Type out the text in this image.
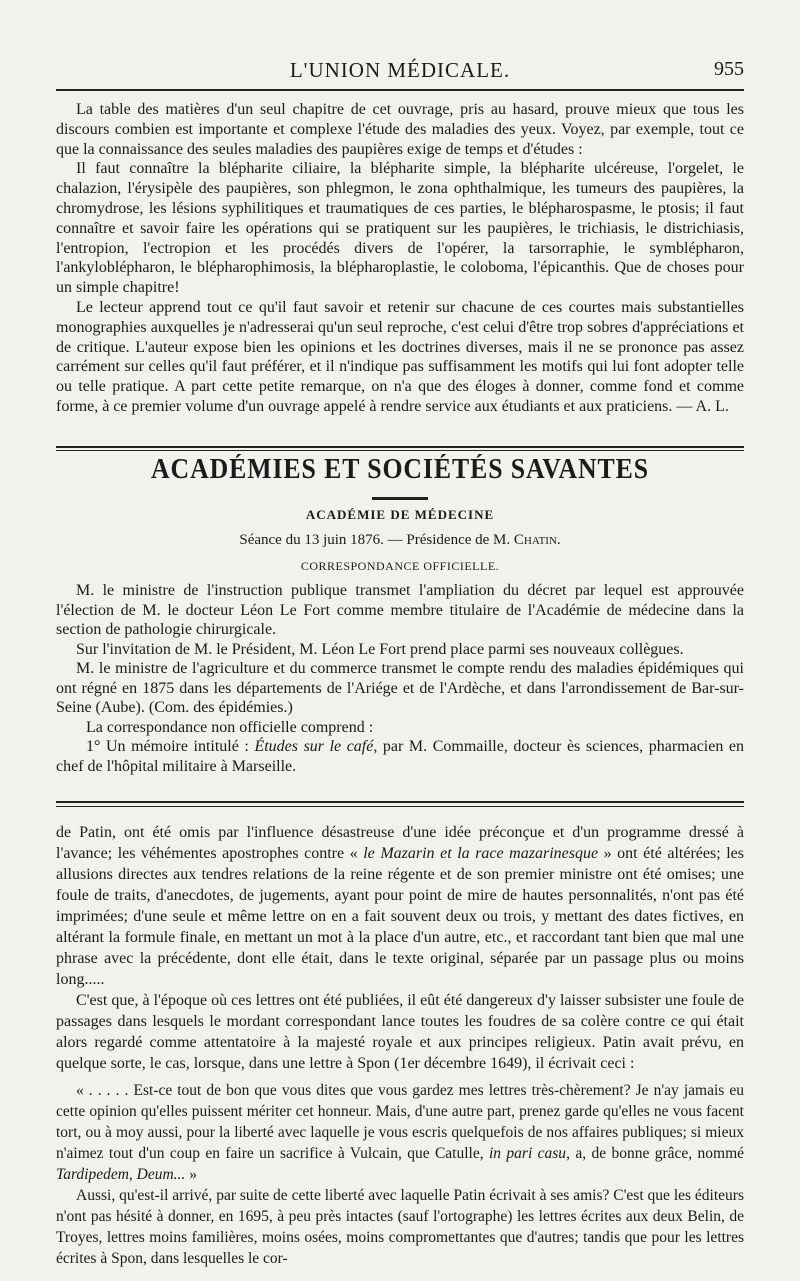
L'UNION MÉDICALE.	955

La table des matières d'un seul chapitre de cet ouvrage, pris au hasard, prouve mieux que tous les discours combien est importante et complexe l'étude des maladies des yeux. Voyez, par exemple, tout ce que la connaissance des seules maladies des paupières exige de temps et d'études :

Il faut connaître la blépharite ciliaire, la blépharite simple, la blépharite ulcéreuse, l'orgelet, le chalazion, l'érysipèle des paupières, son phlegmon, le zona ophthalmique, les tumeurs des paupières, la chromydrose, les lésions syphilitiques et traumatiques de ces parties, le blépharospasme, le ptosis; il faut connaître et savoir faire les opérations qui se pratiquent sur les paupières, le trichiasis, le districhiasis, l'entropion, l'ectropion et les procédés divers de l'opérer, la tarsorraphie, le symblépharon, l'ankyloblépharon, le blépharophimosis, la blépharoplastie, le coloboma, l'épicanthis. Que de choses pour un simple chapitre!

Le lecteur apprend tout ce qu'il faut savoir et retenir sur chacune de ces courtes mais substantielles monographies auxquelles je n'adresserai qu'un seul reproche, c'est celui d'être trop sobres d'appréciations et de critique. L'auteur expose bien les opinions et les doctrines diverses, mais il ne se prononce pas assez carrément sur celles qu'il faut préférer, et il n'indique pas suffisamment les motifs qui lui font adopter telle ou telle pratique. A part cette petite remarque, on n'a que des éloges à donner, comme fond et comme forme, à ce premier volume d'un ouvrage appelé à rendre service aux étudiants et aux praticiens. — A. L.

ACADÉMIES ET SOCIÉTÉS SAVANTES
ACADÉMIE DE MÉDECINE
Séance du 13 juin 1876. — Présidence de M. Chatin.
CORRESPONDANCE OFFICIELLE.

M. le ministre de l'instruction publique transmet l'ampliation du décret par lequel est approuvée l'élection de M. le docteur Léon Le Fort comme membre titulaire de l'Académie de médecine dans la section de pathologie chirurgicale.

Sur l'invitation de M. le Président, M. Léon Le Fort prend place parmi ses nouveaux collègues.

M. le ministre de l'agriculture et du commerce transmet le compte rendu des maladies épidémiques qui ont régné en 1875 dans les départements de l'Ariége et de l'Ardèche, et dans l'arrondissement de Bar-sur-Seine (Aube). (Com. des épidémies.)

La correspondance non officielle comprend :

1° Un mémoire intitulé : Études sur le café, par M. Commaille, docteur ès sciences, pharmacien en chef de l'hôpital militaire à Marseille.

de Patin, ont été omis par l'influence désastreuse d'une idée préconçue et d'un programme dressé à l'avance; les véhémentes apostrophes contre « le Mazarin et la race mazarinesque » ont été altérées; les allusions directes aux tendres relations de la reine régente et de son premier ministre ont été omises; une foule de traits, d'anecdotes, de jugements, ayant pour point de mire de hautes personnalités, n'ont pas été imprimées; d'une seule et même lettre on en a fait souvent deux ou trois, y mettant des dates fictives, en altérant la formule finale, en mettant un mot à la place d'un autre, etc., et raccordant tant bien que mal une phrase avec la précédente, dont elle était, dans le texte original, séparée par un passage plus ou moins long.....

C'est que, à l'époque où ces lettres ont été publiées, il eût été dangereux d'y laisser subsister une foule de passages dans lesquels le mordant correspondant lance toutes les foudres de sa colère contre ce qui était alors regardé comme attentatoire à la majesté royale et aux principes religieux. Patin avait prévu, en quelque sorte, le cas, lorsque, dans une lettre à Spon (1er décembre 1649), il écrivait ceci :

« . . . . . Est-ce tout de bon que vous dites que vous gardez mes lettres très-chèrement? Je n'ay jamais eu cette opinion qu'elles puissent mériter cet honneur. Mais, d'une autre part, prenez garde qu'elles ne vous facent tort, ou à moy aussi, pour la liberté avec laquelle je vous escris quelquefois de nos affaires publiques; si mieux n'aimez tout d'un coup en faire un sacrifice à Vulcain, que Catulle, in pari casu, a, de bonne grâce, nommé Tardipedem, Deum... »

Aussi, qu'est-il arrivé, par suite de cette liberté avec laquelle Patin écrivait à ses amis? C'est que les éditeurs n'ont pas hésité à donner, en 1695, à peu près intactes (sauf l'ortographe) les lettres écrites aux deux Belin, de Troyes, lettres moins familières, moins osées, moins compromettantes que d'autres; tandis que pour les lettres écrites à Spon, dans lesquelles le cor-
